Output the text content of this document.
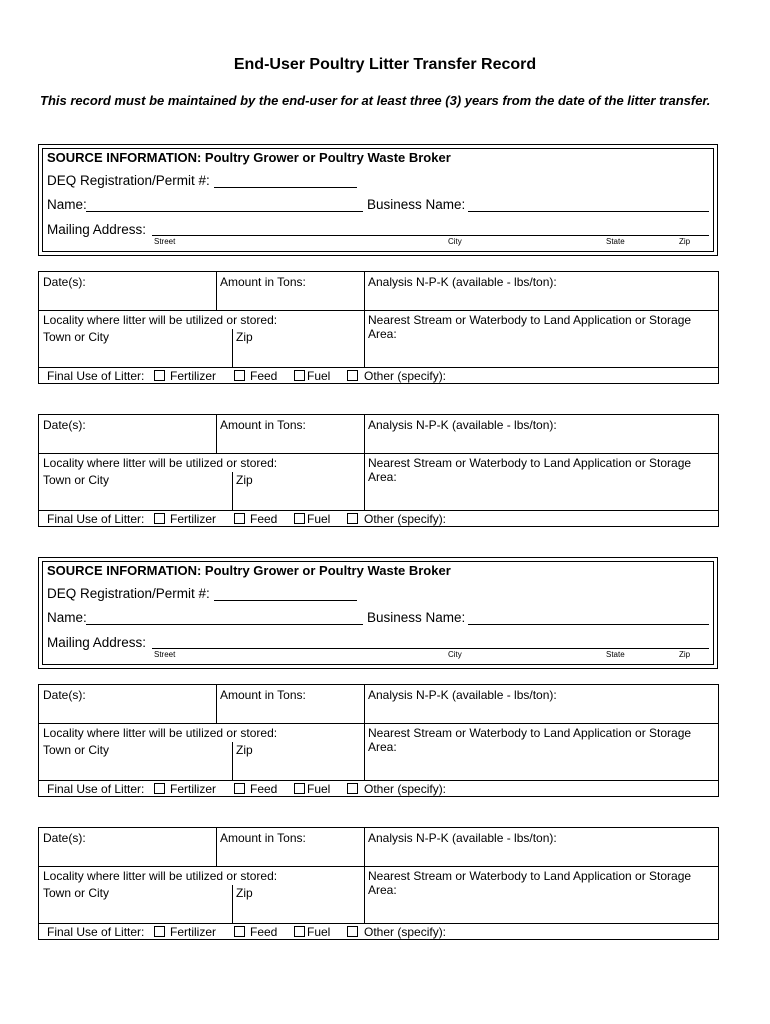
End-User Poultry Litter Transfer Record
This record must be maintained by the end-user for at least three (3) years from the date of the litter transfer.
SOURCE INFORMATION: Poultry Grower or Poultry Waste Broker
DEQ Registration/Permit #:
Name:	Business Name:
Mailing Address:
Street	City	State	Zip
Date(s):	Amount in Tons:	Analysis N-P-K (available - lbs/ton):
Locality where litter will be utilized or stored:
Town or City	Zip
Nearest Stream or Waterbody to Land Application or Storage Area:
Final Use of Litter: Fertilizer	Feed Fuel	Other (specify):
Date(s):	Amount in Tons:	Analysis N-P-K (available - lbs/ton):
Locality where litter will be utilized or stored:
Town or City	Zip
Nearest Stream or Waterbody to Land Application or Storage Area:
Final Use of Litter: Fertilizer	Feed Fuel	Other (specify):
SOURCE INFORMATION: Poultry Grower or Poultry Waste Broker
DEQ Registration/Permit #:
Name:	Business Name:
Mailing Address:
Street	City	State	Zip
Date(s):	Amount in Tons:	Analysis N-P-K (available - lbs/ton):
Locality where litter will be utilized or stored:
Town or City	Zip
Nearest Stream or Waterbody to Land Application or Storage Area:
Final Use of Litter: Fertilizer	Feed Fuel	Other (specify):
Date(s):	Amount in Tons:	Analysis N-P-K (available - lbs/ton):
Locality where litter will be utilized or stored:
Town or City	Zip
Nearest Stream or Waterbody to Land Application or Storage Area:
Final Use of Litter: Fertilizer	Feed Fuel	Other (specify):
